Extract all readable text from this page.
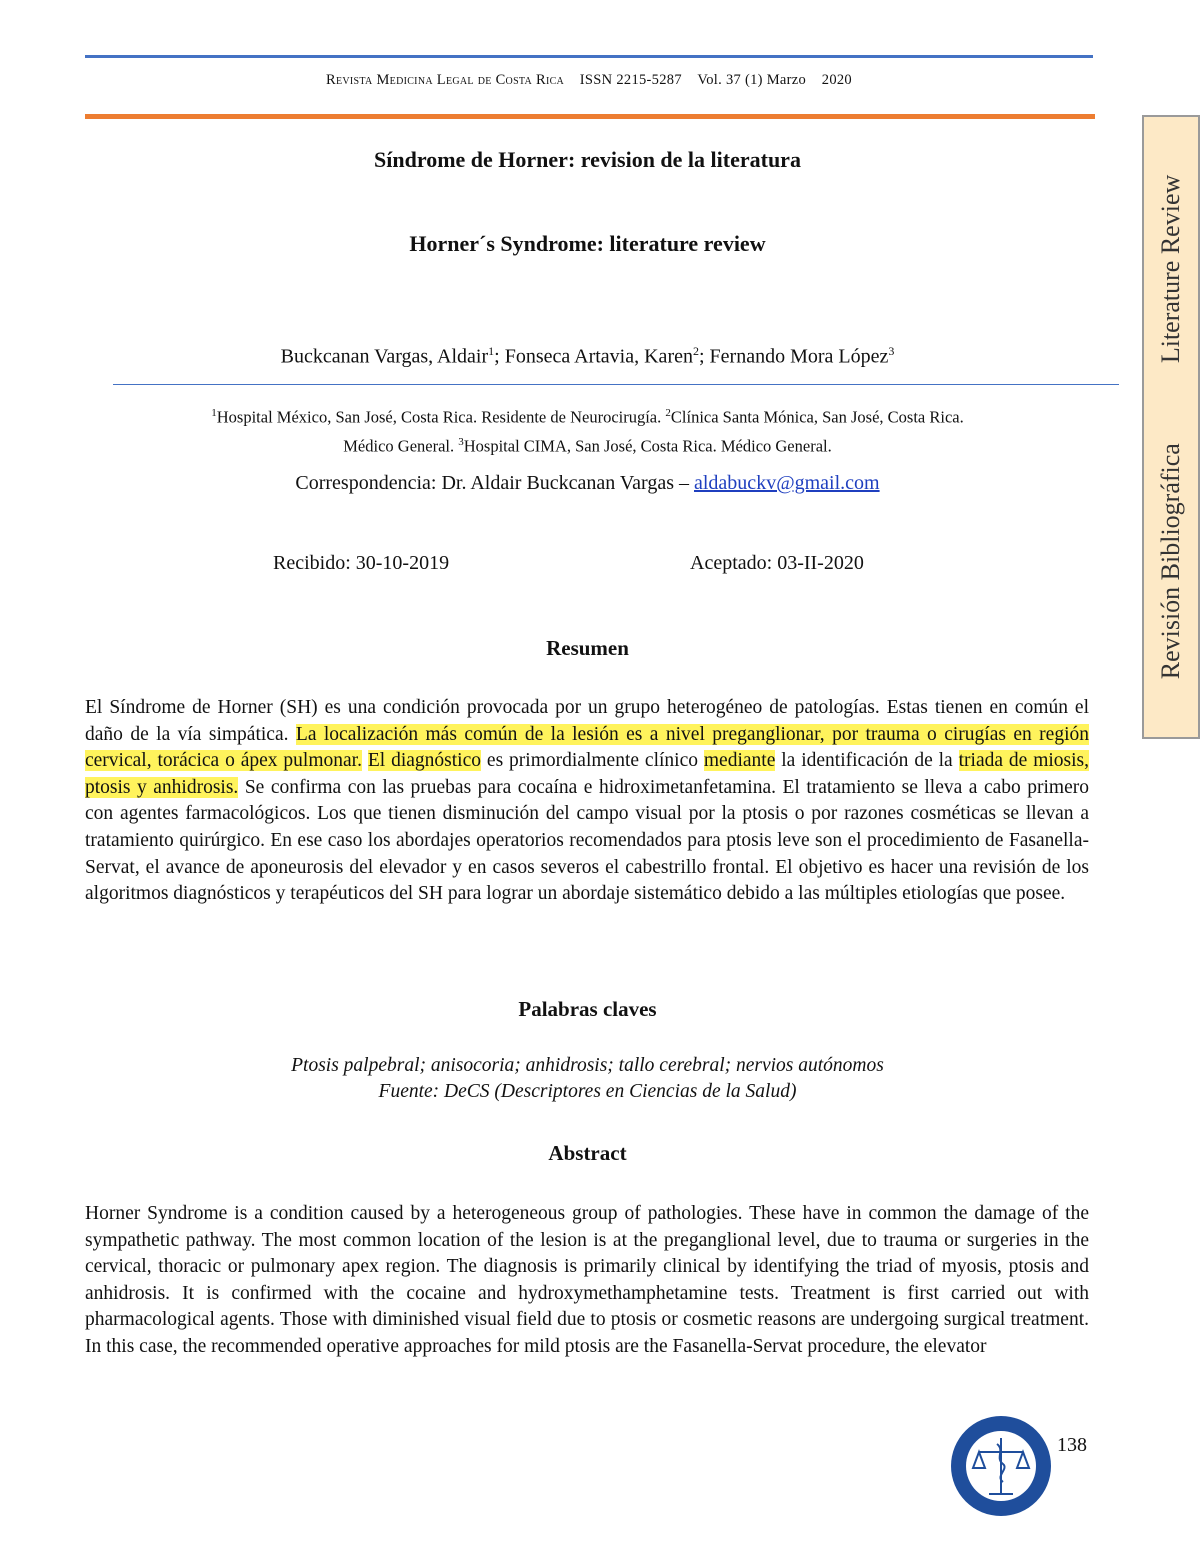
Revista Medicina Legal de Costa Rica ISSN 2215-5287 Vol. 37 (1) Marzo 2020
Síndrome de Horner: revision de la literatura
Horner´s Syndrome: literature review
Buckcanan Vargas, Aldair$^1$; Fonseca Artavia, Karen$^2$; Fernando Mora López$^3$
$^1$Hospital México, San José, Costa Rica. Residente de Neurocirugía. $^2$Clínica Santa Mónica, San José, Costa Rica.
Médico General. $^3$Hospital CIMA, San José, Costa Rica. Médico General.
Correspondencia: Dr. Aldair Buckcanan Vargas – aldabuckv@gmail.com
Recibido: 30-10-2019	Aceptado: 03-II-2020
Resumen
El Síndrome de Horner (SH) es una condición provocada por un grupo heterogéneo de patologías. Estas tienen en común el daño de la vía simpática. La localización más común de la lesión es a nivel preganglionar, por trauma o cirugías en región cervical, torácica o ápex pulmonar. El diagnóstico es primordialmente clínico mediante la identificación de la triada de miosis, ptosis y anhidrosis. Se confirma con las pruebas para cocaína e hidroximetanfetamina. El tratamiento se lleva a cabo primero con agentes farmacológicos. Los que tienen disminución del campo visual por la ptosis o por razones cosméticas se llevan a tratamiento quirúrgico. En ese caso los abordajes operatorios recomendados para ptosis leve son el procedimiento de Fasanella-Servat, el avance de aponeurosis del elevador y en casos severos el cabestrillo frontal. El objetivo es hacer una revisión de los algoritmos diagnósticos y terapéuticos del SH para lograr un abordaje sistemático debido a las múltiples etiologías que posee.
Palabras claves
Ptosis palpebral; anisocoria; anhidrosis; tallo cerebral; nervios autónomos
Fuente: DeCS (Descriptores en Ciencias de la Salud)
Abstract
Horner Syndrome is a condition caused by a heterogeneous group of pathologies. These have in common the damage of the sympathetic pathway. The most common location of the lesion is at the preganglional level, due to trauma or surgeries in the cervical, thoracic or pulmonary apex region. The diagnosis is primarily clinical by identifying the triad of myosis, ptosis and anhidrosis. It is confirmed with the cocaine and hydroxymethamphetamine tests. Treatment is first carried out with pharmacological agents. Those with diminished visual field due to ptosis or cosmetic reasons are undergoing surgical treatment. In this case, the recommended operative approaches for mild ptosis are the Fasanella-Servat procedure, the elevator
Revisión BibliográficaLiterature Review
138
